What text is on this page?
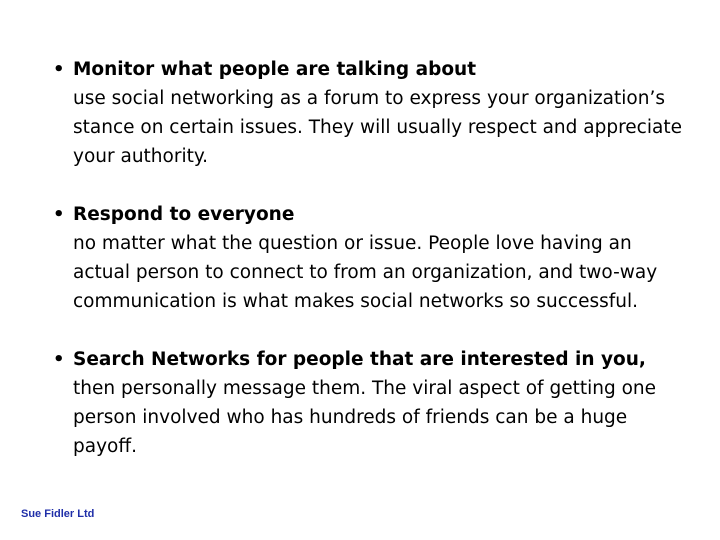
• Monitor what people are talking about
use social networking as a forum to express your organization’s stance on certain issues. They will usually respect and appreciate your authority.
• Respond to everyone
no matter what the question or issue. People love having an actual person to connect to from an organization, and two-way communication is what makes social networks so successful.
• Search Networks for people that are interested in you,
then personally message them. The viral aspect of getting one person involved who has hundreds of friends can be a huge payoff.
Sue Fidler Ltd
